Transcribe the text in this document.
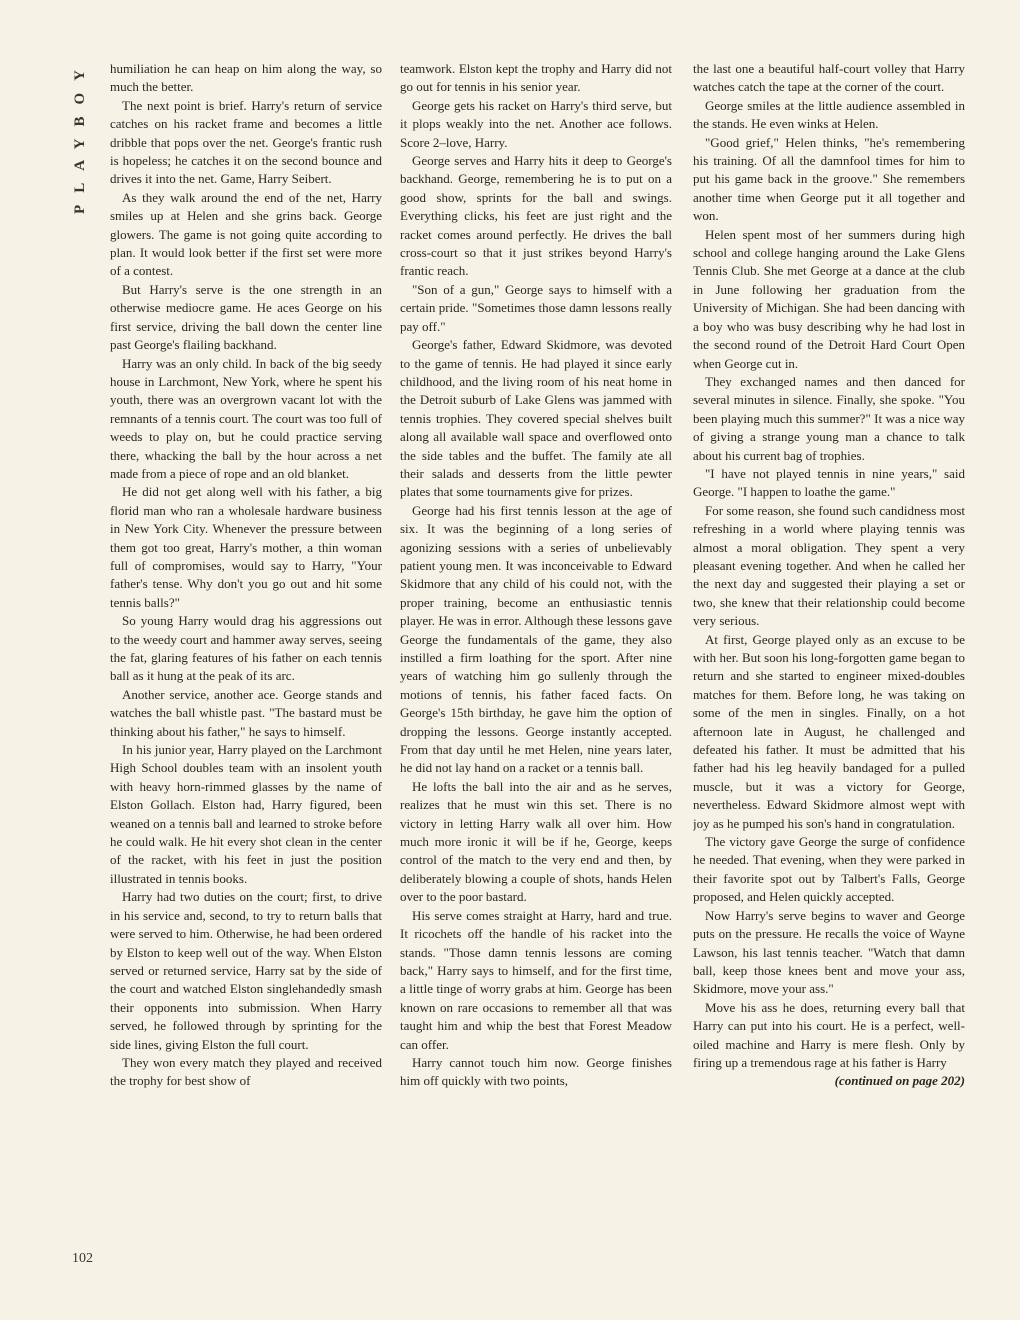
PLAYBOY humiliation he can heap on him along the way, so much the better.

The next point is brief. Harry's return of service catches on his racket frame and becomes a little dribble that pops over the net. George's frantic rush is hopeless; he catches it on the second bounce and drives it into the net. Game, Harry Seibert.

As they walk around the end of the net, Harry smiles up at Helen and she grins back. George glowers. The game is not going quite according to plan. It would look better if the first set were more of a contest.

But Harry's serve is the one strength in an otherwise mediocre game. He aces George on his first service, driving the ball down the center line past George's flailing backhand.

Harry was an only child. In back of the big seedy house in Larchmont, New York, where he spent his youth, there was an overgrown vacant lot with the remnants of a tennis court. The court was too full of weeds to play on, but he could practice serving there, whacking the ball by the hour across a net made from a piece of rope and an old blanket.

He did not get along well with his father, a big florid man who ran a wholesale hardware business in New York City. Whenever the pressure between them got too great, Harry's mother, a thin woman full of compromises, would say to Harry, "Your father's tense. Why don't you go out and hit some tennis balls?"

So young Harry would drag his aggressions out to the weedy court and hammer away serves, seeing the fat, glaring features of his father on each tennis ball as it hung at the peak of its arc.

Another service, another ace. George stands and watches the ball whistle past. "The bastard must be thinking about his father," he says to himself.

In his junior year, Harry played on the Larchmont High School doubles team with an insolent youth with heavy horn-rimmed glasses by the name of Elston Gollach. Elston had, Harry figured, been weaned on a tennis ball and learned to stroke before he could walk. He hit every shot clean in the center of the racket, with his feet in just the position illustrated in tennis books.

Harry had two duties on the court; first, to drive in his service and, second, to try to return balls that were served to him. Otherwise, he had been ordered by Elston to keep well out of the way. When Elston served or returned service, Harry sat by the side of the court and watched Elston singlehandedly smash their opponents into submission. When Harry served, he followed through by sprinting for the side lines, giving Elston the full court.

They won every match they played and received the trophy for best show of

teamwork. Elston kept the trophy and Harry did not go out for tennis in his senior year.

George gets his racket on Harry's third serve, but it plops weakly into the net. Another ace follows. Score 2–love, Harry.

George serves and Harry hits it deep to George's backhand. George, remembering he is to put on a good show, sprints for the ball and swings. Everything clicks, his feet are just right and the racket comes around perfectly. He drives the ball cross-court so that it just strikes beyond Harry's frantic reach.

"Son of a gun," George says to himself with a certain pride. "Sometimes those damn lessons really pay off."

George's father, Edward Skidmore, was devoted to the game of tennis. He had played it since early childhood, and the living room of his neat home in the Detroit suburb of Lake Glens was jammed with tennis trophies. They covered special shelves built along all available wall space and overflowed onto the side tables and the buffet. The family ate all their salads and desserts from the little pewter plates that some tournaments give for prizes.

George had his first tennis lesson at the age of six. It was the beginning of a long series of agonizing sessions with a series of unbelievably patient young men. It was inconceivable to Edward Skidmore that any child of his could not, with the proper training, become an enthusiastic tennis player. He was in error. Although these lessons gave George the fundamentals of the game, they also instilled a firm loathing for the sport. After nine years of watching him go sullenly through the motions of tennis, his father faced facts. On George's 15th birthday, he gave him the option of dropping the lessons. George instantly accepted. From that day until he met Helen, nine years later, he did not lay hand on a racket or a tennis ball.

He lofts the ball into the air and as he serves, realizes that he must win this set. There is no victory in letting Harry walk all over him. How much more ironic it will be if he, George, keeps control of the match to the very end and then, by deliberately blowing a couple of shots, hands Helen over to the poor bastard.

His serve comes straight at Harry, hard and true. It ricochets off the handle of his racket into the stands. "Those damn tennis lessons are coming back," Harry says to himself, and for the first time, a little tinge of worry grabs at him. George has been known on rare occasions to remember all that was taught him and whip the best that Forest Meadow can offer.

Harry cannot touch him now. George finishes him off quickly with two points,

the last one a beautiful half-court volley that Harry watches catch the tape at the corner of the court.

George smiles at the little audience assembled in the stands. He even winks at Helen.

"Good grief," Helen thinks, "he's remembering his training. Of all the damnfool times for him to put his game back in the groove." She remembers another time when George put it all together and won.

Helen spent most of her summers during high school and college hanging around the Lake Glens Tennis Club. She met George at a dance at the club in June following her graduation from the University of Michigan. She had been dancing with a boy who was busy describing why he had lost in the second round of the Detroit Hard Court Open when George cut in.

They exchanged names and then danced for several minutes in silence. Finally, she spoke. "You been playing much this summer?" It was a nice way of giving a strange young man a chance to talk about his current bag of trophies.

"I have not played tennis in nine years," said George. "I happen to loathe the game."

For some reason, she found such candidness most refreshing in a world where playing tennis was almost a moral obligation. They spent a very pleasant evening together. And when he called her the next day and suggested their playing a set or two, she knew that their relationship could become very serious.

At first, George played only as an excuse to be with her. But soon his long-forgotten game began to return and she started to engineer mixed-doubles matches for them. Before long, he was taking on some of the men in singles. Finally, on a hot afternoon late in August, he challenged and defeated his father. It must be admitted that his father had his leg heavily bandaged for a pulled muscle, but it was a victory for George, nevertheless. Edward Skidmore almost wept with joy as he pumped his son's hand in congratulation.

The victory gave George the surge of confidence he needed. That evening, when they were parked in their favorite spot out by Talbert's Falls, George proposed, and Helen quickly accepted.

Now Harry's serve begins to waver and George puts on the pressure. He recalls the voice of Wayne Lawson, his last tennis teacher. "Watch that damn ball, keep those knees bent and move your ass, Skidmore, move your ass."

Move his ass he does, returning every ball that Harry can put into his court. He is a perfect, well-oiled machine and Harry is mere flesh. Only by firing up a tremendous rage at his father is Harry

(continued on page 202)

102
